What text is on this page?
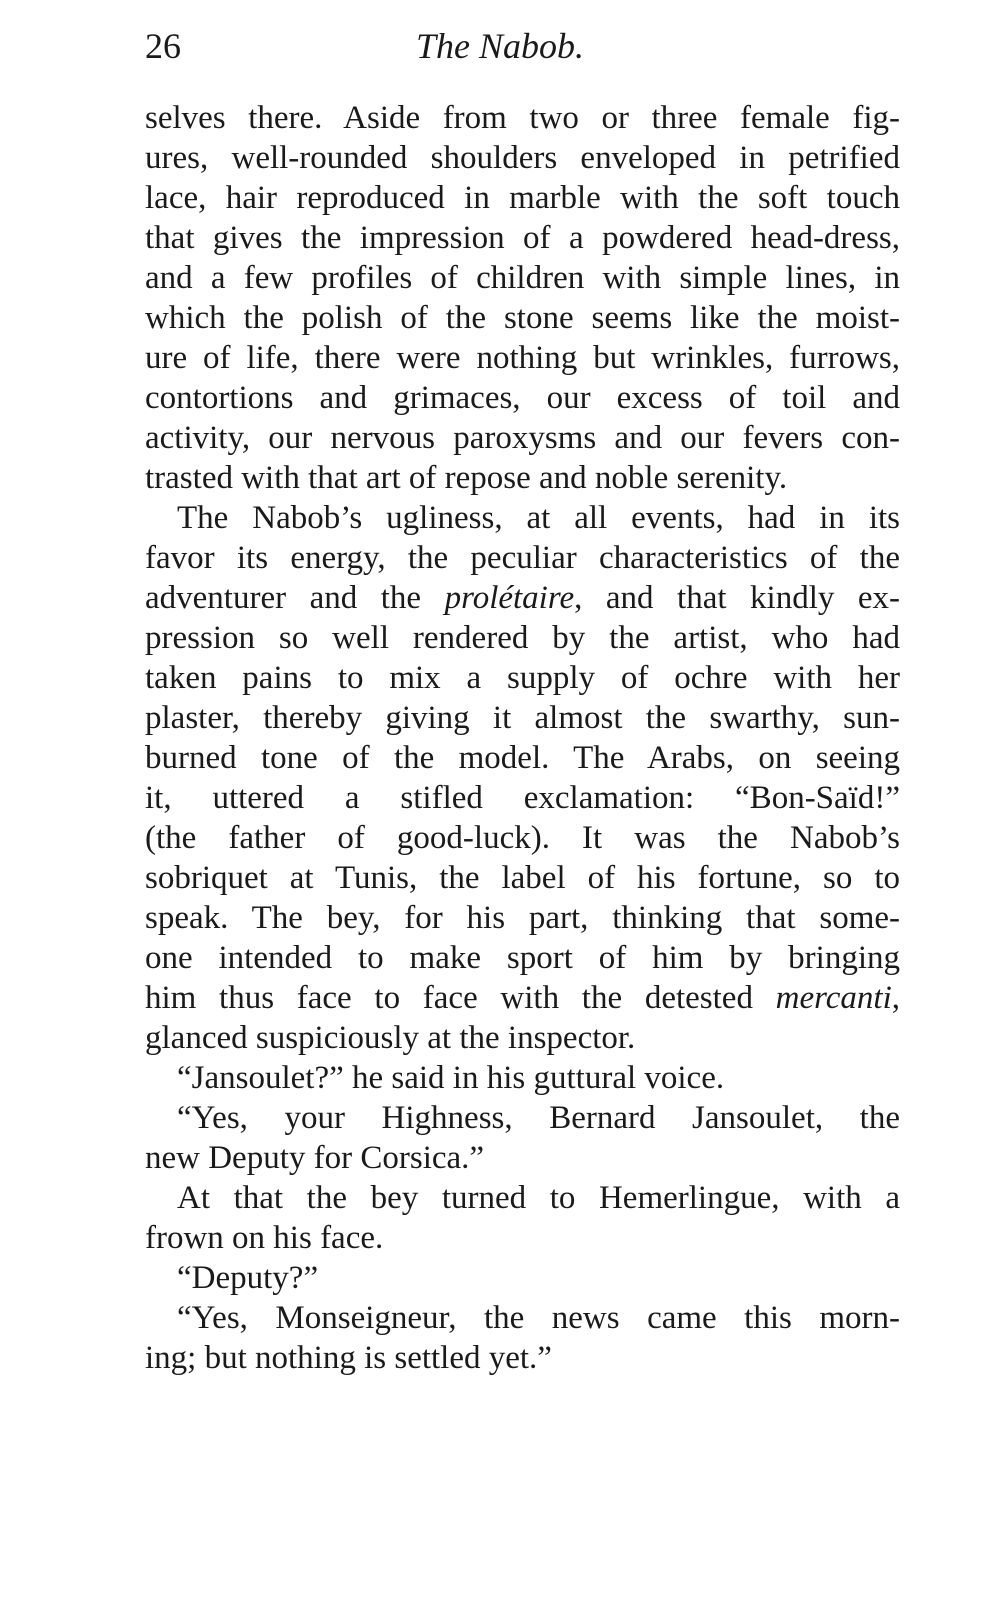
26	The Nabob.
selves there. Aside from two or three female fig-
ures, well-rounded shoulders enveloped in petrified
lace, hair reproduced in marble with the soft touch
that gives the impression of a powdered head-dress,
and a few profiles of children with simple lines, in
which the polish of the stone seems like the moist-
ure of life, there were nothing but wrinkles, furrows,
contortions and grimaces, our excess of toil and
activity, our nervous paroxysms and our fevers con-
trasted with that art of repose and noble serenity.
The Nabob’s ugliness, at all events, had in its
favor its energy, the peculiar characteristics of the
adventurer and the prolétaire, and that kindly ex-
pression so well rendered by the artist, who had
taken pains to mix a supply of ochre with her
plaster, thereby giving it almost the swarthy, sun-
burned tone of the model. The Arabs, on seeing
it, uttered a stifled exclamation: “Bon-Saïd!”
(the father of good-luck). It was the Nabob’s
sobriquet at Tunis, the label of his fortune, so to
speak. The bey, for his part, thinking that some-
one intended to make sport of him by bringing
him thus face to face with the detested mercanti,
glanced suspiciously at the inspector.
“Jansoulet?” he said in his guttural voice.
“Yes, your Highness, Bernard Jansoulet, the
new Deputy for Corsica.”
At that the bey turned to Hemerlingue, with a
frown on his face.
“Deputy?”
“Yes, Monseigneur, the news came this morn-
ing; but nothing is settled yet.”
